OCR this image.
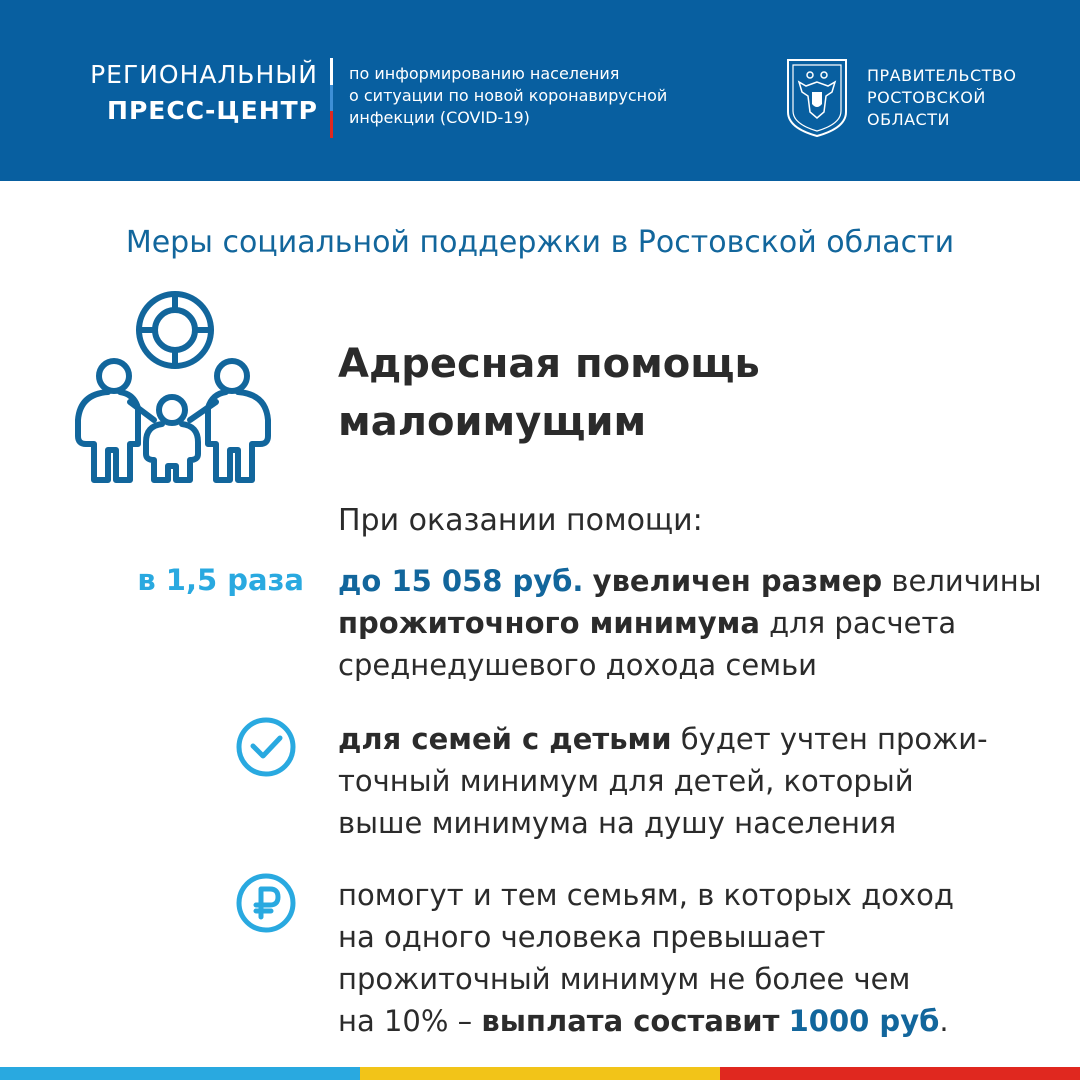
РЕГИОНАЛЬНЫЙ
ПРЕСС-ЦЕНТР
по информированию населения
о ситуации по новой коронавирусной
инфекции (COVID-19)
ПРАВИТЕЛЬСТВО
РОСТОВСКОЙ
ОБЛАСТИ
Меры социальной поддержки в Ростовской области
Адресная помощь
малоимущим
При оказании помощи:
в 1,5 раза до 15 058 руб. увеличен размер величины
прожиточного минимума для расчета
среднедушевого дохода семьи
для семей с детьми будет учтен прожи-
точный минимум для детей, который
выше минимума на душу населения
помогут и тем семьям, в которых доход
на одного человека превышает
прожиточный минимум не более чем
на 10% – выплата составит 1000 руб.
